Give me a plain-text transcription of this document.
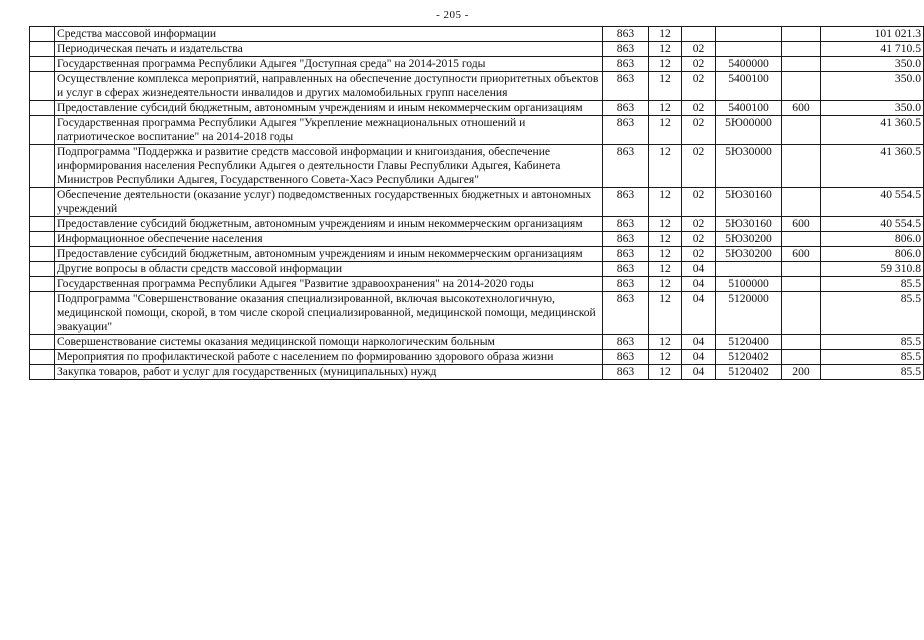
- 205 -
	Средства массовой информации	863	12				101 021.3
	Периодическая печать и издательства	863	12	02			41 710.5
	Государственная программа Республики Адыгея "Доступная среда" на 2014-2015 годы	863	12	02	5400000		350.0
	Осуществление комплекса мероприятий, направленных на обеспечение доступности приоритетных объектов и услуг в сферах жизнедеятельности инвалидов и других маломобильных групп населения	863	12	02	5400100		350.0
	Предоставление субсидий бюджетным, автономным учреждениям и иным некоммерческим организациям	863	12	02	5400100	600	350.0
	Государственная программа Республики Адыгея "Укрепление межнациональных отношений и патриотическое воспитание" на 2014-2018 годы	863	12	02	5Ю00000		41 360.5
	Подпрограмма "Поддержка и развитие средств массовой информации и книгоиздания, обеспечение информирования населения Республики Адыгея о деятельности Главы Республики Адыгея, Кабинета Министров Республики Адыгея, Государственного Совета-Хасэ Республики Адыгея"	863	12	02	5Ю30000		41 360.5
	Обеспечение деятельности (оказание услуг) подведомственных государственных бюджетных и автономных учреждений	863	12	02	5Ю30160		40 554.5
	Предоставление субсидий бюджетным, автономным учреждениям и иным некоммерческим организациям	863	12	02	5Ю30160	600	40 554.5
	Информационное обеспечение населения	863	12	02	5Ю30200		806.0
	Предоставление субсидий бюджетным, автономным учреждениям и иным некоммерческим организациям	863	12	02	5Ю30200	600	806.0
	Другие вопросы в области средств массовой информации	863	12	04			59 310.8
	Государственная программа Республики Адыгея "Развитие здравоохранения" на 2014-2020 годы	863	12	04	5100000		85.5
	Подпрограмма "Совершенствование оказания специализированной, включая высокотехнологичную, медицинской помощи, скорой, в том числе скорой специализированной, медицинской помощи, медицинской эвакуации"	863	12	04	5120000		85.5
	Совершенствование системы оказания медицинской помощи наркологическим больным	863	12	04	5120400		85.5
	Мероприятия по профилактической работе с населением по формированию здорового образа жизни	863	12	04	5120402		85.5
	Закупка товаров, работ и услуг для государственных (муниципальных) нужд	863	12	04	5120402	200	85.5
